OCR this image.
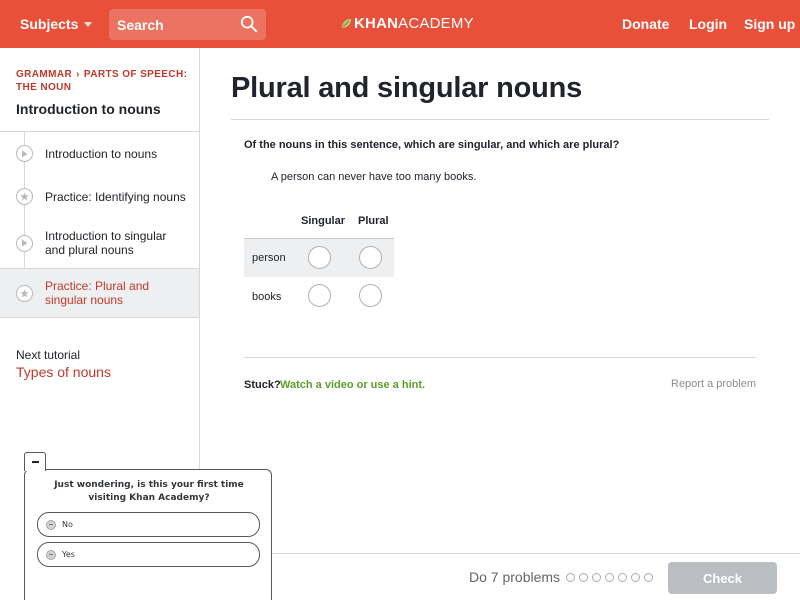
Subjects
Search	KHAN ACADEMY	Donate Login Sign up
GRAMMAR › PARTS OF SPEECH: THE NOUN
Introduction to nouns
Introduction to nouns
Practice: Identifying nouns
Introduction to singular and plural nouns
Practice: Plural and singular nouns
Next tutorial
Types of nouns
Plural and singular nouns
Of the nouns in this sentence, which are singular, and which are plural?
A person can never have too many books.
Singular Plural
person
books
Stuck? Watch a video or use a hint.	Report a problem
Do 7 problems	Check
Just wondering, is this your first time visiting Khan Academy?
No
Yes
